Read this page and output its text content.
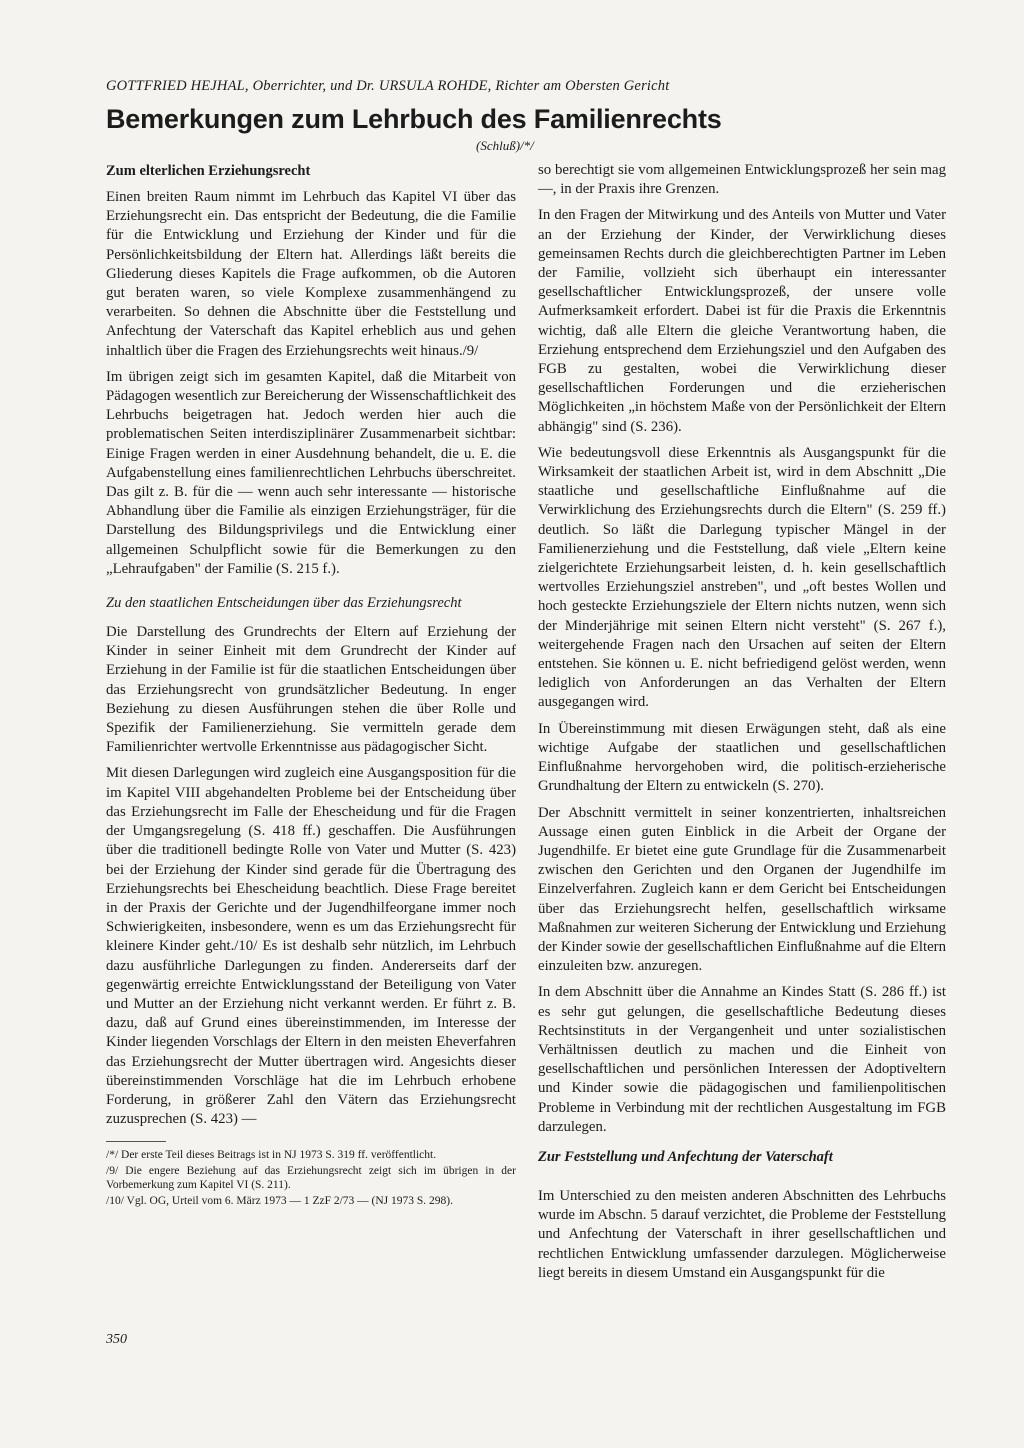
GOTTFRIED HEJHAL, Oberrichter, und Dr. URSULA ROHDE, Richter am Obersten Gericht
Bemerkungen zum Lehrbuch des Familienrechts
(Schluß)/*/
Zum elterlichen Erziehungsrecht

Einen breiten Raum nimmt im Lehrbuch das Kapitel VI über das Erziehungsrecht ein. Das entspricht der Bedeutung, die die Familie für die Entwicklung und Erziehung der Kinder und für die Persönlichkeitsbildung der Eltern hat. Allerdings läßt bereits die Gliederung dieses Kapitels die Frage aufkommen, ob die Autoren gut beraten waren, so viele Komplexe zusammenhängend zu verarbeiten. So dehnen die Abschnitte über die Feststellung und Anfechtung der Vaterschaft das Kapitel erheblich aus und gehen inhaltlich über die Fragen des Erziehungsrechts weit hinaus./9/

Im übrigen zeigt sich im gesamten Kapitel, daß die Mitarbeit von Pädagogen wesentlich zur Bereicherung der Wissenschaftlichkeit des Lehrbuchs beigetragen hat. Jedoch werden hier auch die problematischen Seiten interdisziplinärer Zusammenarbeit sichtbar: Einige Fragen werden in einer Ausdehnung behandelt, die u. E. die Aufgabenstellung eines familienrechtlichen Lehrbuchs überschreitet. Das gilt z. B. für die — wenn auch sehr interessante — historische Abhandlung über die Familie als einzigen Erziehungsträger, für die Darstellung des Bildungsprivilegs und die Entwicklung einer allgemeinen Schulpflicht sowie für die Bemerkungen zu den „Lehraufgaben" der Familie (S. 215 f.).

Zu den staatlichen Entscheidungen über das Erziehungsrecht

Die Darstellung des Grundrechts der Eltern auf Erziehung der Kinder in seiner Einheit mit dem Grundrecht der Kinder auf Erziehung in der Familie ist für die staatlichen Entscheidungen über das Erziehungsrecht von grundsätzlicher Bedeutung. In enger Beziehung zu diesen Ausführungen stehen die über Rolle und Spezifik der Familienerziehung. Sie vermitteln gerade dem Familienrichter wertvolle Erkenntnisse aus pädagogischer Sicht.

Mit diesen Darlegungen wird zugleich eine Ausgangsposition für die im Kapitel VIII abgehandelten Probleme bei der Entscheidung über das Erziehungsrecht im Falle der Ehescheidung und für die Fragen der Umgangsregelung (S. 418 ff.) geschaffen. Die Ausführungen über die traditionell bedingte Rolle von Vater und Mutter (S. 423) bei der Erziehung der Kinder sind gerade für die Übertragung des Erziehungsrechts bei Ehescheidung beachtlich. Diese Frage bereitet in der Praxis der Gerichte und der Jugendhilfeorgane immer noch Schwierigkeiten, insbesondere, wenn es um das Erziehungsrecht für kleinere Kinder geht./10/ Es ist deshalb sehr nützlich, im Lehrbuch dazu ausführliche Darlegungen zu finden. Andererseits darf der gegenwärtig erreichte Entwicklungsstand der Beteiligung von Vater und Mutter an der Erziehung nicht verkannt werden. Er führt z. B. dazu, daß auf Grund eines übereinstimmenden, im Interesse der Kinder liegenden Vorschlags der Eltern in den meisten Eheverfahren das Erziehungsrecht der Mutter übertragen wird. Angesichts dieser übereinstimmenden Vorschläge hat die im Lehrbuch erhobene Forderung, in größerer Zahl den Vätern das Erziehungsrecht zuzusprechen (S. 423) —

/*/ Der erste Teil dieses Beitrags ist in NJ 1973 S. 319 ff. veröffentlicht.

/9/ Die engere Beziehung auf das Erziehungsrecht zeigt sich im übrigen in der Vorbemerkung zum Kapitel VI (S. 211).

/10/ Vgl. OG, Urteil vom 6. März 1973 — 1 ZzF 2/73 — (NJ 1973 S. 298).

so berechtigt sie vom allgemeinen Entwicklungsprozeß her sein mag —, in der Praxis ihre Grenzen.

In den Fragen der Mitwirkung und des Anteils von Mutter und Vater an der Erziehung der Kinder, der Verwirklichung dieses gemeinsamen Rechts durch die gleichberechtigten Partner im Leben der Familie, vollzieht sich überhaupt ein interessanter gesellschaftlicher Entwicklungsprozeß, der unsere volle Aufmerksamkeit erfordert. Dabei ist für die Praxis die Erkenntnis wichtig, daß alle Eltern die gleiche Verantwortung haben, die Erziehung entsprechend dem Erziehungsziel und den Aufgaben des FGB zu gestalten, wobei die Verwirklichung dieser gesellschaftlichen Forderungen und die erzieherischen Möglichkeiten „in höchstem Maße von der Persönlichkeit der Eltern abhängig" sind (S. 236).

Wie bedeutungsvoll diese Erkenntnis als Ausgangspunkt für die Wirksamkeit der staatlichen Arbeit ist, wird in dem Abschnitt „Die staatliche und gesellschaftliche Einflußnahme auf die Verwirklichung des Erziehungsrechts durch die Eltern" (S. 259 ff.) deutlich. So läßt die Darlegung typischer Mängel in der Familienerziehung und die Feststellung, daß viele „Eltern keine zielgerichtete Erziehungsarbeit leisten, d. h. kein gesellschaftlich wertvolles Erziehungsziel anstreben", und „oft bestes Wollen und hoch gesteckte Erziehungsziele der Eltern nichts nutzen, wenn sich der Minderjährige mit seinen Eltern nicht versteht" (S. 267 f.), weitergehende Fragen nach den Ursachen auf seiten der Eltern entstehen. Sie können u. E. nicht befriedigend gelöst werden, wenn lediglich von Anforderungen an das Verhalten der Eltern ausgegangen wird.

In Übereinstimmung mit diesen Erwägungen steht, daß als eine wichtige Aufgabe der staatlichen und gesellschaftlichen Einflußnahme hervorgehoben wird, die politisch-erzieherische Grundhaltung der Eltern zu entwickeln (S. 270).

Der Abschnitt vermittelt in seiner konzentrierten, inhaltsreichen Aussage einen guten Einblick in die Arbeit der Organe der Jugendhilfe. Er bietet eine gute Grundlage für die Zusammenarbeit zwischen den Gerichten und den Organen der Jugendhilfe im Einzelverfahren. Zugleich kann er dem Gericht bei Entscheidungen über das Erziehungsrecht helfen, gesellschaftlich wirksame Maßnahmen zur weiteren Sicherung der Entwicklung und Erziehung der Kinder sowie der gesellschaftlichen Einflußnahme auf die Eltern einzuleiten bzw. anzuregen.

In dem Abschnitt über die Annahme an Kindes Statt (S. 286 ff.) ist es sehr gut gelungen, die gesellschaftliche Bedeutung dieses Rechtsinstituts in der Vergangenheit und unter sozialistischen Verhältnissen deutlich zu machen und die Einheit von gesellschaftlichen und persönlichen Interessen der Adoptiveltern und Kinder sowie die pädagogischen und familienpolitischen Probleme in Verbindung mit der rechtlichen Ausgestaltung im FGB darzulegen.

Zur Feststellung und Anfechtung der Vaterschaft

Im Unterschied zu den meisten anderen Abschnitten des Lehrbuchs wurde im Abschn. 5 darauf verzichtet, die Probleme der Feststellung und Anfechtung der Vaterschaft in ihrer gesellschaftlichen und rechtlichen Entwicklung umfassender darzulegen. Möglicherweise liegt bereits in diesem Umstand ein Ausgangspunkt für die

350
